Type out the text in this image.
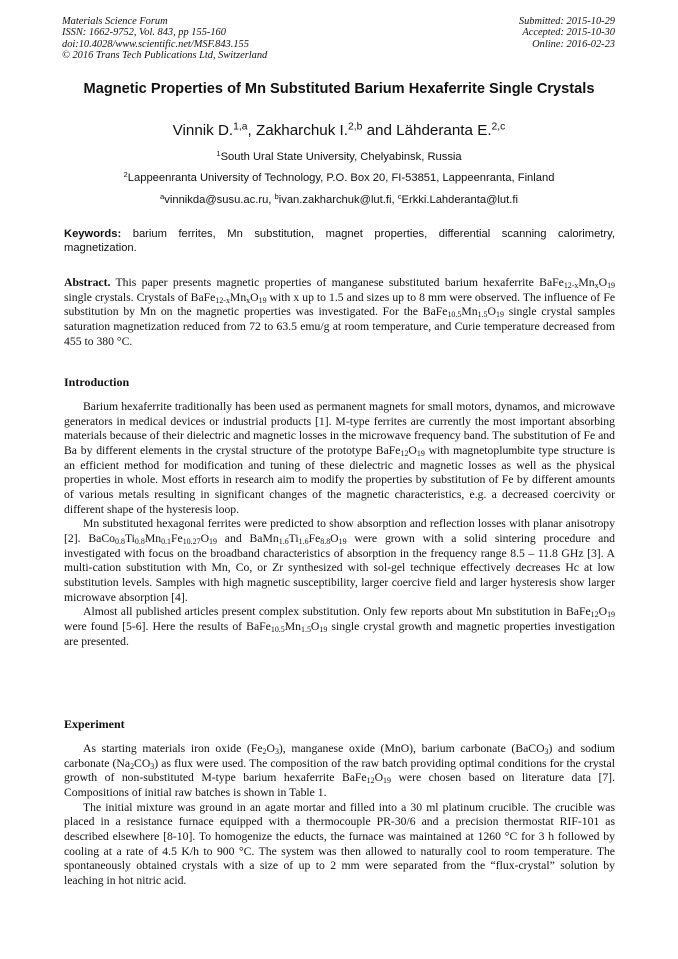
Materials Science Forum
ISSN: 1662-9752, Vol. 843, pp 155-160
doi:10.4028/www.scientific.net/MSF.843.155
© 2016 Trans Tech Publications Ltd, Switzerland
Submitted: 2015-10-29
Accepted: 2015-10-30
Online: 2016-02-23
Magnetic Properties of Mn Substituted Barium Hexaferrite Single Crystals
Vinnik D.$^{1,a}$, Zakharchuk I.$^{2,b}$ and Lähderanta E.$^{2,c}$
$^1$South Ural State University, Chelyabinsk, Russia
$^2$Lappeenranta University of Technology, P.O. Box 20, FI-53851, Lappeenranta, Finland
$^a$vinnikda@susu.ac.ru, $^b$ivan.zakharchuk@lut.fi, $^c$Erkki.Lahderanta@lut.fi
Keywords: barium ferrites, Mn substitution, magnet properties, differential scanning calorimetry, magnetization.

Abstract. This paper presents magnetic properties of manganese substituted barium hexaferrite $BaFe_{12-x}Mn_xO_{19}$ single crystals. Crystals of $BaFe_{12-x}Mn_xO_{19}$ with x up to 1.5 and sizes up to 8 mm were observed. The influence of Fe substitution by Mn on the magnetic properties was investigated. For the $BaFe_{10.5}Mn_{1.5}O_{19}$ single crystal samples saturation magnetization reduced from 72 to 63.5 emu/g at room temperature, and Curie temperature decreased from 455 to 380 °C.

Introduction

Barium hexaferrite traditionally has been used as permanent magnets for small motors, dynamos, and microwave generators in medical devices or industrial products [1]. M-type ferrites are currently the most important absorbing materials because of their dielectric and magnetic losses in the microwave frequency band. The substitution of Fe and Ba by different elements in the crystal structure of the prototype $BaFe_{12}O_{19}$ with magnetoplumbite type structure is an efficient method for modification and tuning of these dielectric and magnetic losses as well as the physical properties in whole. Most efforts in research aim to modify the properties by substitution of Fe by different amounts of various metals resulting in significant changes of the magnetic characteristics, e.g. a decreased coercivity or different shape of the hysteresis loop.

Mn substituted hexagonal ferrites were predicted to show absorption and reflection losses with planar anisotropy [2]. $BaCo_{0.8}Ti_{0.8}Mn_{0.1}Fe_{10.27}O_{19}$ and $BaMn_{1.6}Ti_{1.6}Fe_{8.8}O_{19}$ were grown with a solid sintering procedure and investigated with focus on the broadband characteristics of absorption in the frequency range 8.5 – 11.8 GHz [3]. A multi-cation substitution with Mn, Co, or Zr synthesized with sol-gel technique effectively decreases Hc at low substitution levels. Samples with high magnetic susceptibility, larger coercive field and larger hysteresis show larger microwave absorption [4].

Almost all published articles present complex substitution. Only few reports about Mn substitution in $BaFe_{12}O_{19}$ were found [5-6]. Here the results of $BaFe_{10.5}Mn_{1.5}O_{19}$ single crystal growth and magnetic properties investigation are presented.

Experiment

As starting materials iron oxide $(Fe_2O_3)$, manganese oxide (MnO), barium carbonate (BaCO$_3$) and sodium carbonate $(Na_2CO_3)$ as flux were used. The composition of the raw batch providing optimal conditions for the crystal growth of non-substituted M-type barium hexaferrite $BaFe_{12}O_{19}$ were chosen based on literature data [7]. Compositions of initial raw batches is shown in Table 1.

The initial mixture was ground in an agate mortar and filled into a 30 ml platinum crucible. The crucible was placed in a resistance furnace equipped with a thermocouple PR-30/6 and a precision thermostat RIF-101 as described elsewhere [8-10]. To homogenize the educts, the furnace was maintained at 1260 °C for 3 h followed by cooling at a rate of 4.5 K/h to 900 °C. The system was then allowed to naturally cool to room temperature. The spontaneously obtained crystals with a size of up to 2 mm were separated from the “flux-crystal” solution by leaching in hot nitric acid.
